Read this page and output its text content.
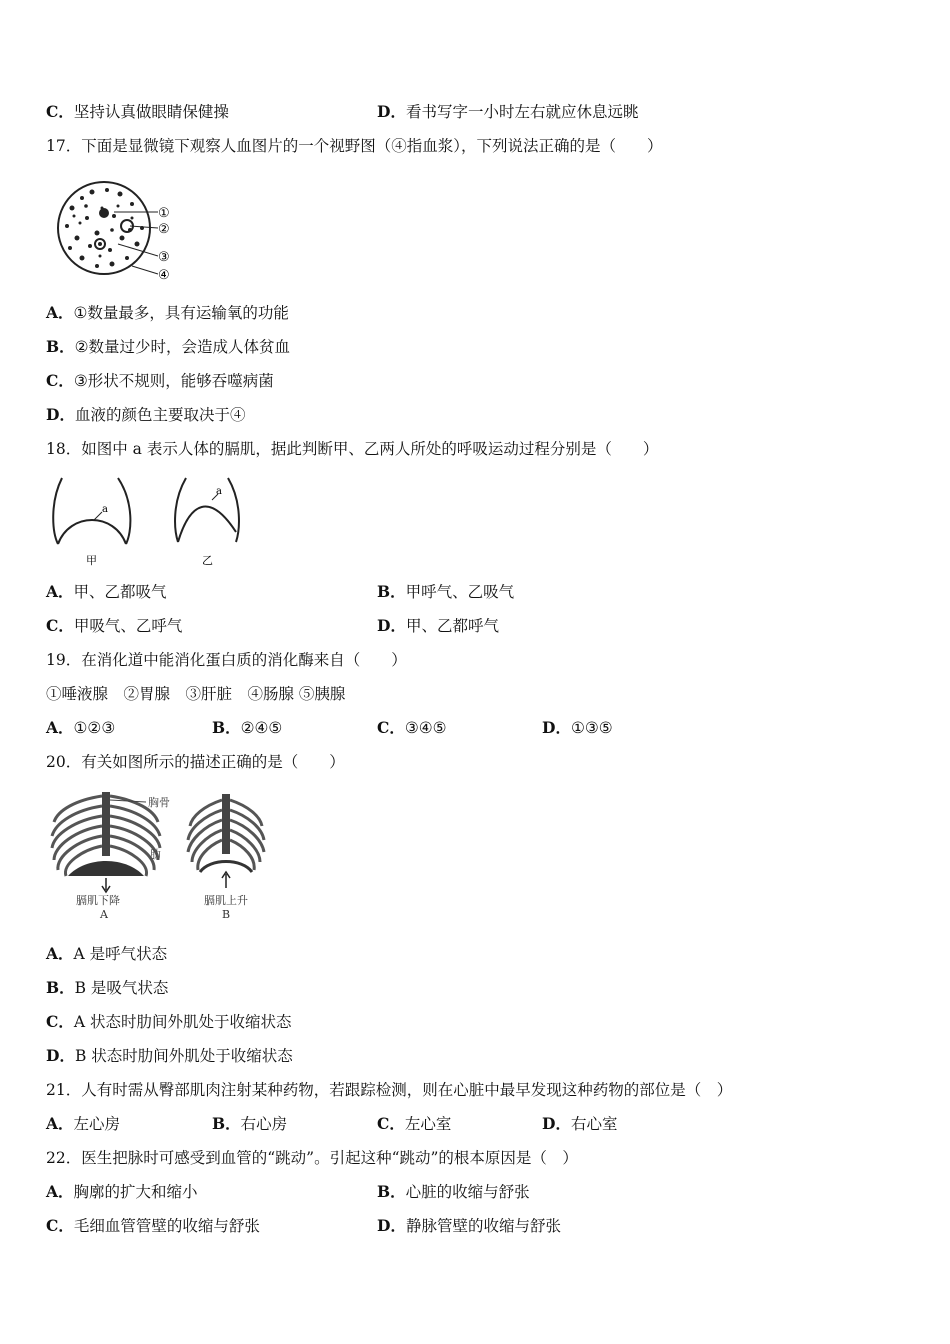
C．坚持认真做眼睛保健操	D．看书写字一小时左右就应休息远眺
17．下面是显微镜下观察人血图片的一个视野图（④指血浆），下列说法正确的是（　　）
①
②
③
④
A．①数量最多，具有运输氧的功能
B．②数量过少时，会造成人体贫血
C．③形状不规则，能够吞噬病菌
D．血液的颜色主要取决于④
18．如图中 a 表示人体的膈肌，据此判断甲、乙两人所处的呼吸运动过程分别是（　　）
a
甲
a
乙
A．甲、乙都吸气	B．甲呼气、乙吸气
C．甲吸气、乙呼气	D．甲、乙都呼气
19．在消化道中能消化蛋白质的消化酶来自（　　）
①唾液腺　②胃腺　③肝脏　④肠腺 ⑤胰腺
A．①②③	B．②④⑤	C．③④⑤	D．①③⑤
20．有关如图所示的描述正确的是（　　）
胸骨
肋
膈肌下降
A
膈肌上升
B
A．A 是呼气状态
B．B 是吸气状态
C．A 状态时肋间外肌处于收缩状态
D．B 状态时肋间外肌处于收缩状态
21．人有时需从臀部肌肉注射某种药物，若跟踪检测，则在心脏中最早发现这种药物的部位是（　）
A．左心房	B．右心房	C．左心室	D．右心室
22．医生把脉时可感受到血管的“跳动”。引起这种“跳动”的根本原因是（　）
A．胸廓的扩大和缩小	B．心脏的收缩与舒张
C．毛细血管管壁的收缩与舒张	D．静脉管壁的收缩与舒张
